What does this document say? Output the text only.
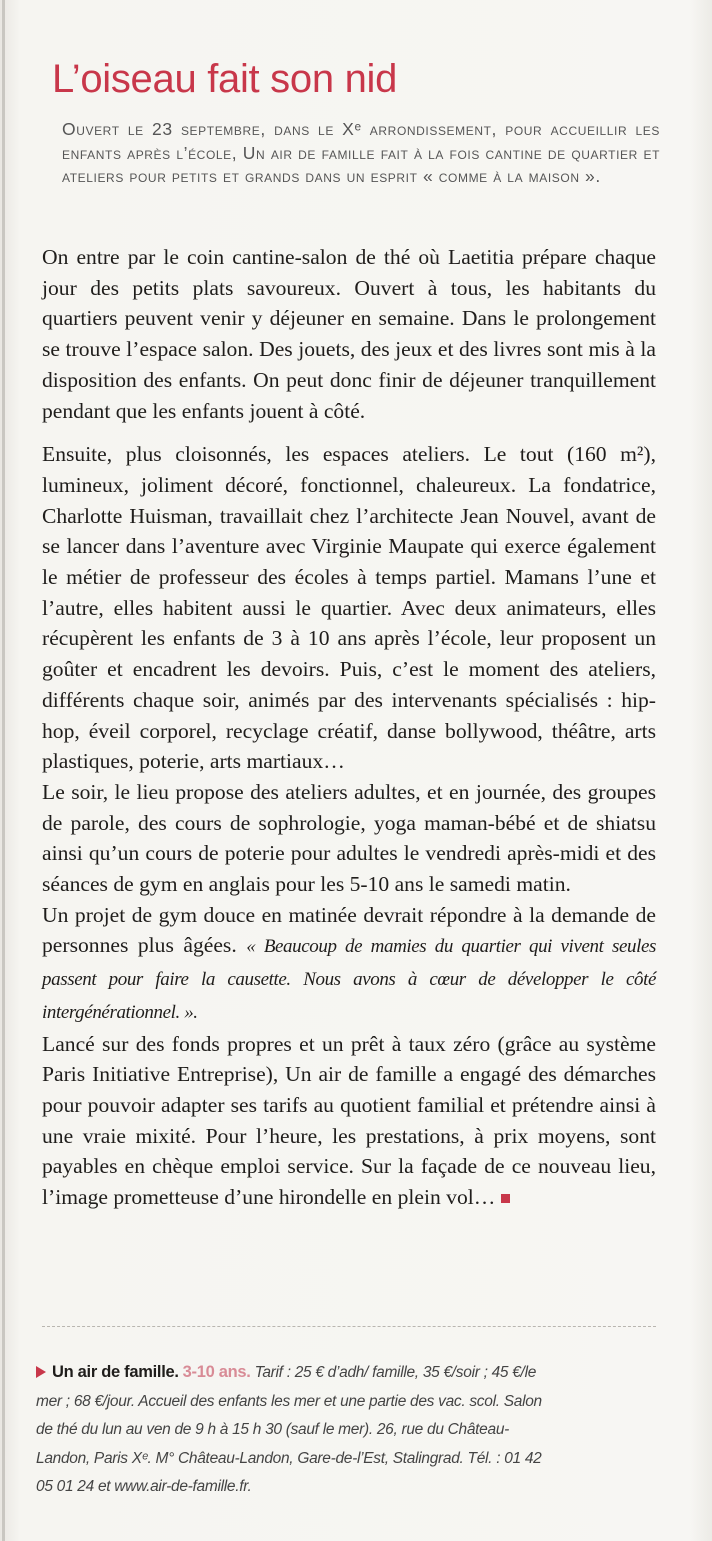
L’oiseau fait son nid

Ouvert le 23 septembre, dans le Xᵉ arrondissement, pour accueillir les enfants après l’école, Un air de famille fait à la fois cantine de quartier et ateliers pour petits et grands dans un esprit « comme à la maison ».

On entre par le coin cantine-salon de thé où Laetitia prépare chaque jour des petits plats savoureux. Ouvert à tous, les habitants du quartiers peuvent venir y déjeuner en semaine. Dans le prolongement se trouve l’espace salon. Des jouets, des jeux et des livres sont mis à la disposition des enfants. On peut donc finir de déjeuner tranquillement pendant que les enfants jouent à côté.

Ensuite, plus cloisonnés, les espaces ateliers. Le tout (160 m²), lumineux, joliment décoré, fonctionnel, chaleureux. La fondatrice, Charlotte Huisman, travaillait chez l’architecte Jean Nouvel, avant de se lancer dans l’aventure avec Virginie Maupate qui exerce également le métier de professeur des écoles à temps partiel. Mamans l’une et l’autre, elles habitent aussi le quartier. Avec deux animateurs, elles récupèrent les enfants de 3 à 10 ans après l’école, leur proposent un goûter et encadrent les devoirs. Puis, c’est le moment des ateliers, différents chaque soir, animés par des intervenants spécialisés : hip-hop, éveil corporel, recyclage créatif, danse bollywood, théâtre, arts plastiques, poterie, arts martiaux…

Le soir, le lieu propose des ateliers adultes, et en journée, des groupes de parole, des cours de sophrologie, yoga maman-bébé et de shiatsu ainsi qu’un cours de poterie pour adultes le vendredi après-midi et des séances de gym en anglais pour les 5-10 ans le samedi matin.

Un projet de gym douce en matinée devrait répondre à la demande de personnes plus âgées. « Beaucoup de mamies du quartier qui vivent seules passent pour faire la causette. Nous avons à cœur de développer le côté intergénérationnel. ».

Lancé sur des fonds propres et un prêt à taux zéro (grâce au système Paris Initiative Entreprise), Un air de famille a engagé des démarches pour pouvoir adapter ses tarifs au quotient familial et prétendre ainsi à une vraie mixité. Pour l’heure, les prestations, à prix moyens, sont payables en chèque emploi service. Sur la façade de ce nouveau lieu, l’image prometteuse d’une hirondelle en plein vol…

Un air de famille. 3-10 ans. Tarif : 25 € d’adh/ famille, 35 €/soir ; 45 €/le mer ; 68 €/jour. Accueil des enfants les mer et une partie des vac. scol. Salon de thé du lun au ven de 9 h à 15 h 30 (sauf le mer). 26, rue du Château-Landon, Paris Xᵉ. M° Château-Landon, Gare-de-l’Est, Stalingrad. Tél. : 01 42 05 01 24 et www.air-de-famille.fr.
